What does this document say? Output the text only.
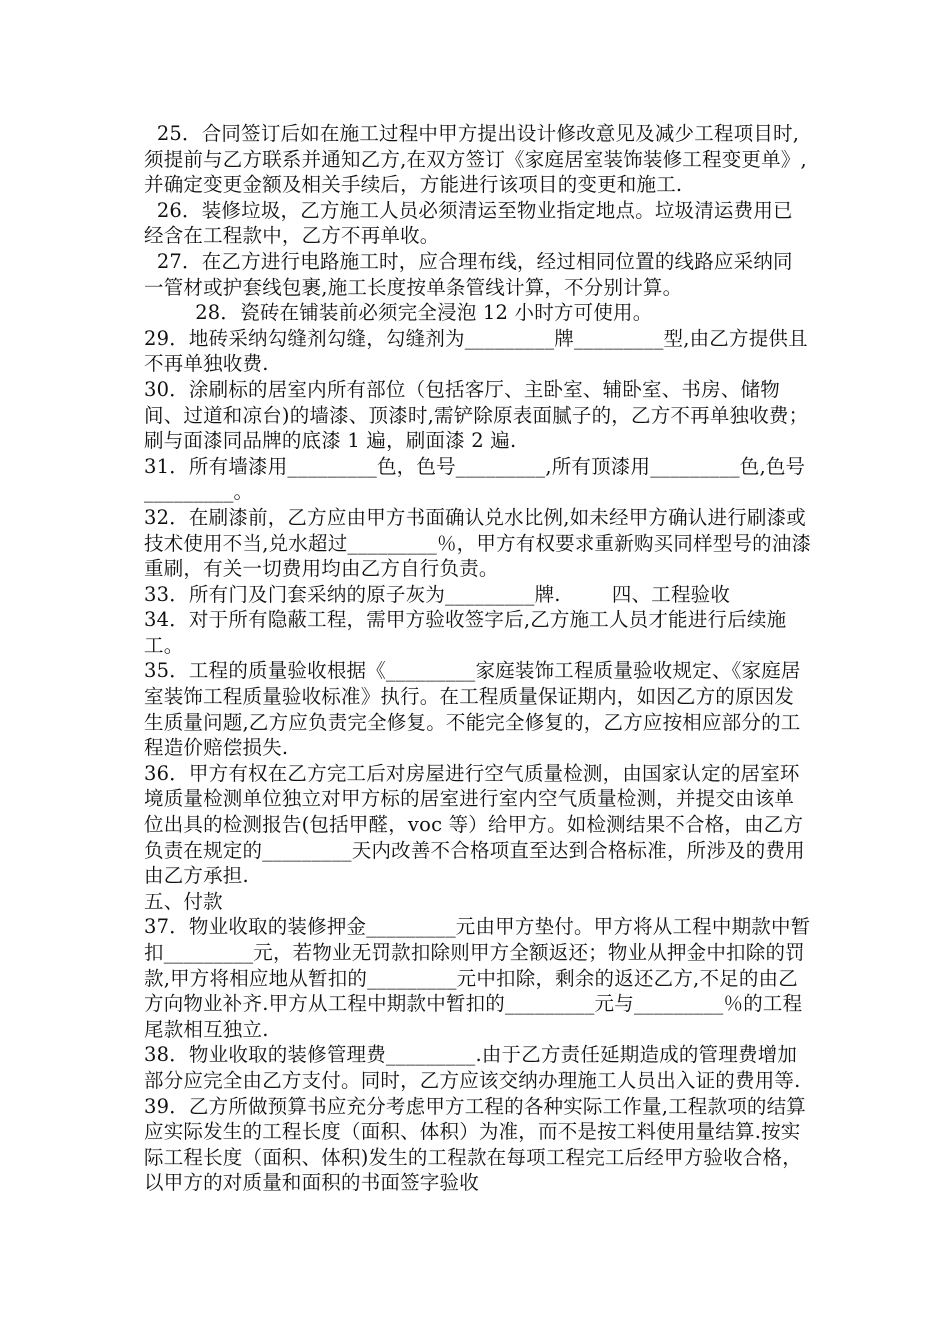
25．合同签订后如在施工过程中甲方提出设计修改意见及减少工程项目时,须提前与乙方联系并通知乙方,在双方签订《家庭居室装饰装修工程变更单》,并确定变更金额及相关手续后，方能进行该项目的变更和施工.

26．装修垃圾，乙方施工人员必须清运至物业指定地点。垃圾清运费用已经含在工程款中，乙方不再单收。

27．在乙方进行电路施工时，应合理布线，经过相同位置的线路应采纳同一管材或护套线包裹,施工长度按单条管线计算，不分别计算。

28．瓷砖在铺装前必须完全浸泡 12 小时方可使用。

29．地砖采纳勾缝剂勾缝，勾缝剂为_________牌_________型,由乙方提供且不再单独收费.

30．涂刷标的居室内所有部位（包括客厅、主卧室、辅卧室、书房、储物间、过道和凉台)的墙漆、顶漆时,需铲除原表面腻子的，乙方不再单独收费；刷与面漆同品牌的底漆 1 遍，刷面漆 2 遍.

31．所有墙漆用_________色，色号_________,所有顶漆用_________色,色号_________。

32．在刷漆前，乙方应由甲方书面确认兑水比例,如未经甲方确认进行刷漆或技术使用不当,兑水超过_________％，甲方有权要求重新购买同样型号的油漆重刷，有关一切费用均由乙方自行负责。

33．所有门及门套采纳的原子灰为_________牌.        四、工程验收

34．对于所有隐蔽工程，需甲方验收签字后,乙方施工人员才能进行后续施工。

35．工程的质量验收根据《_________家庭装饰工程质量验收规定、《家庭居室装饰工程质量验收标准》执行。在工程质量保证期内，如因乙方的原因发生质量问题,乙方应负责完全修复。不能完全修复的，乙方应按相应部分的工程造价赔偿损失.

36．甲方有权在乙方完工后对房屋进行空气质量检测，由国家认定的居室环境质量检测单位独立对甲方标的居室进行室内空气质量检测，并提交由该单位出具的检测报告(包括甲醛，voc 等）给甲方。如检测结果不合格，由乙方负责在规定的_________天内改善不合格项直至达到合格标准，所涉及的费用由乙方承担.

五、付款

37．物业收取的装修押金_________元由甲方垫付。甲方将从工程中期款中暂扣_________元，若物业无罚款扣除则甲方全额返还；物业从押金中扣除的罚款,甲方将相应地从暂扣的_________元中扣除，剩余的返还乙方,不足的由乙方向物业补齐.甲方从工程中期款中暂扣的_________元与_________％的工程尾款相互独立.

38．物业收取的装修管理费_________.由于乙方责任延期造成的管理费增加部分应完全由乙方支付。同时，乙方应该交纳办理施工人员出入证的费用等.

39．乙方所做预算书应充分考虑甲方工程的各种实际工作量,工程款项的结算应实际发生的工程长度（面积、体积）为准，而不是按工料使用量结算.按实际工程长度（面积、体积)发生的工程款在每项工程完工后经甲方验收合格，以甲方的对质量和面积的书面签字验收
